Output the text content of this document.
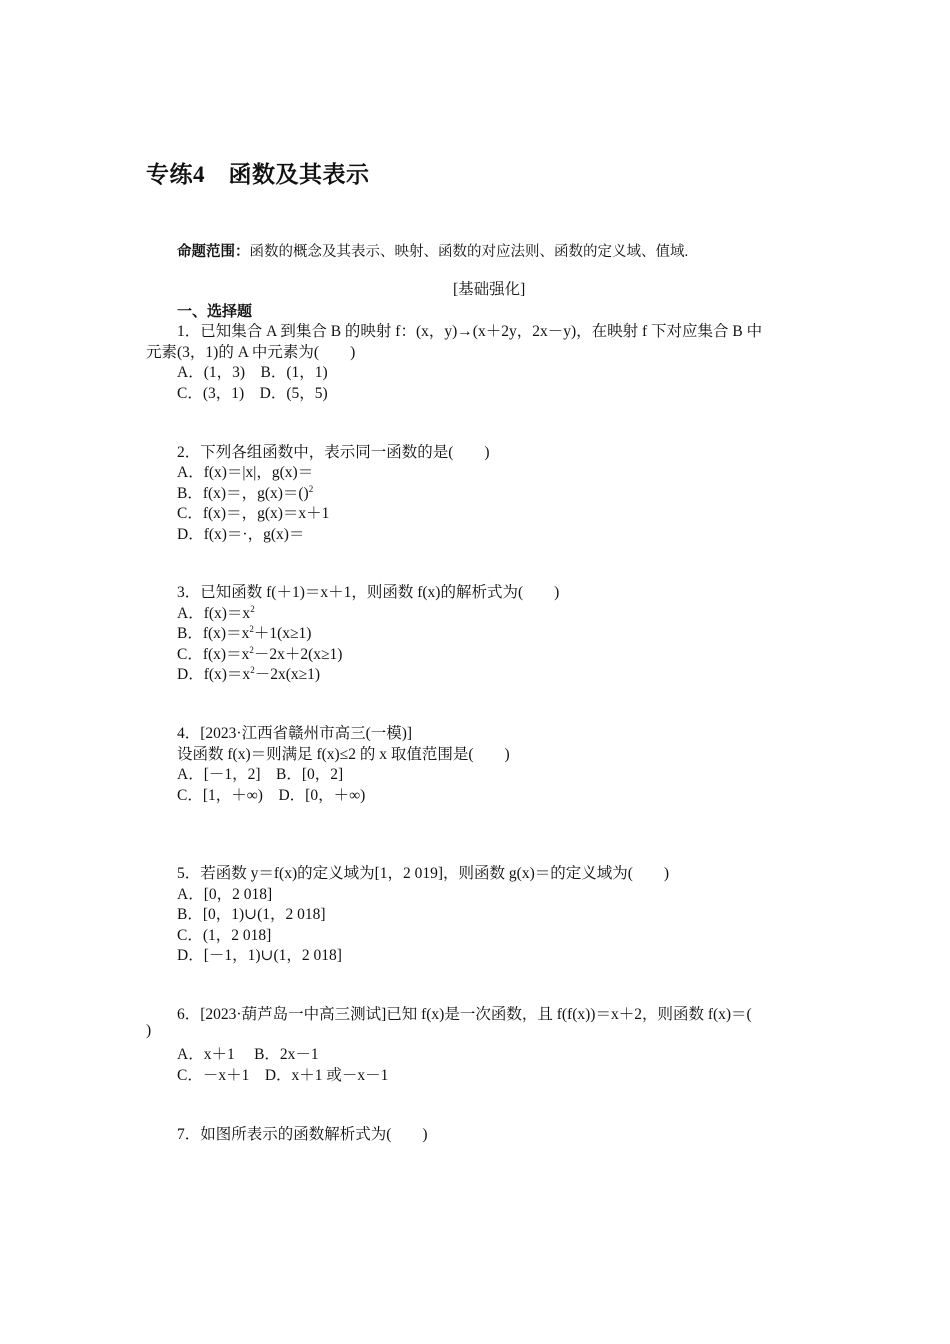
专练4　函数及其表示
命题范围：函数的概念及其表示、映射、函数的对应法则、函数的定义域、值域.
[基础强化]
一、选择题
1．已知集合 A 到集合 B 的映射 f：(x，y)→(x＋2y，2x－y)，在映射 f 下对应集合 B 中
元素(3，1)的 A 中元素为(　　)
A．(1，3)　B．(1，1)
C．(3，1)　D．(5，5)
2．下列各组函数中，表示同一函数的是(　　)
A．f(x)＝|x|，g(x)＝
B．f(x)＝，g(x)＝()$^2$
C．f(x)＝，g(x)＝x＋1
D．f(x)＝·，g(x)＝
3．已知函数 f(＋1)＝x＋1，则函数 f(x)的解析式为(　　)
A．$f(x)=x^2$
B．$f(x)=x^2+1(x\ge 1)$
C．$f(x)=x^2-2x+2(x\ge 1)$
D．$f(x)=x^2-2x(x\ge 1)$
4．[2023·江西省赣州市高三(一模)]
设函数 f(x)＝则满足 f(x)≤2 的 x 取值范围是(　　)
A．[－1，2]　B．[0，2]
C．[1，＋∞)　D．[0，＋∞)
5．若函数 y＝f(x)的定义域为[1，2 019]，则函数 g(x)＝的定义域为(　　)
A．[0，2 018]
B．[0，1)∪(1，2 018]
C．(1，2 018]
D．[－1，1)∪(1，2 018]
6．[2023·葫芦岛一中高三测试]已知 f(x)是一次函数，且 f(f(x))＝x＋2，则函数 f(x)＝(
)
A．x＋1　 B．2x－1
C．－x＋1　D．x＋1 或－x－1
7．如图所表示的函数解析式为(　　)
